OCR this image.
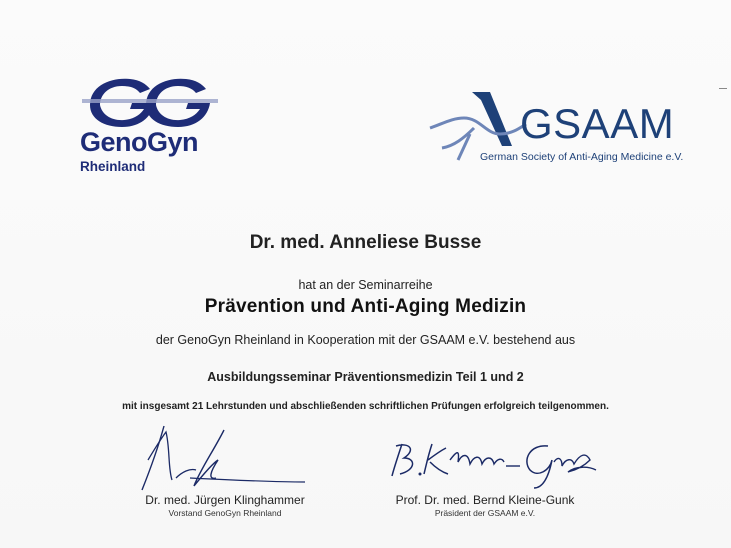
GenoGyn
Rheinland
GSAAM
German Society of Anti-Aging Medicine e.V.
Dr. med. Anneliese Busse
hat an der Seminarreihe
Prävention und Anti-Aging Medizin
der GenoGyn Rheinland in Kooperation mit der GSAAM e.V. bestehend aus
Ausbildungsseminar Präventionsmedizin Teil 1 und 2
mit insgesamt 21 Lehrstunden und abschließenden schriftlichen Prüfungen erfolgreich teilgenommen.
Dr. med. Jürgen Klinghammer
Vorstand GenoGyn Rheinland
Prof. Dr. med. Bernd Kleine-Gunk
Präsident der GSAAM e.V.
